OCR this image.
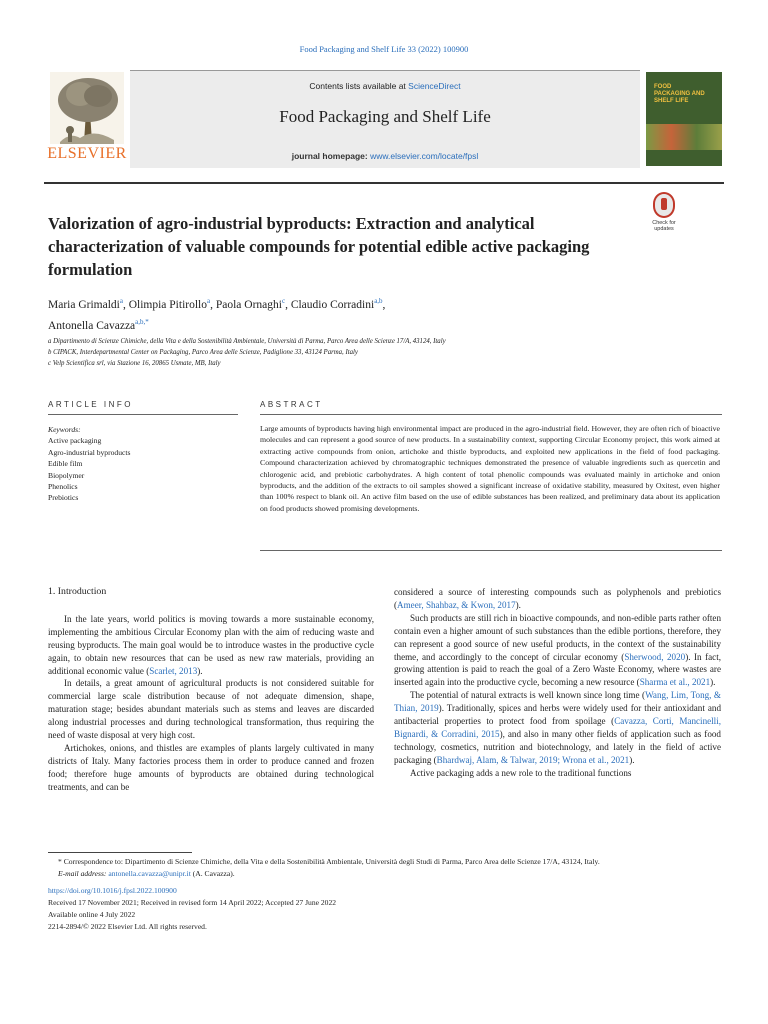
Food Packaging and Shelf Life 33 (2022) 100900
ELSEVIER
Contents lists available at ScienceDirect
Food Packaging and Shelf Life
journal homepage: www.elsevier.com/locate/fpsl
FOOD PACKAGING AND SHELF LIFE
Valorization of agro-industrial byproducts: Extraction and analytical characterization of valuable compounds for potential edible active packaging formulation
Check for updates
Maria Grimaldi$^a$, Olimpia Pitirollo$^a$, Paola Ornaghi$^c$, Claudio Corradini$^{a,b}$,
Antonella Cavazza$^{a,b,*}$
a Dipartimento di Scienze Chimiche, della Vita e della Sostenibilità Ambientale, Università di Parma, Parco Area delle Scienze 17/A, 43124, Italy
b CIPACK, Interdepartmental Center on Packaging, Parco Area delle Scienze, Padiglione 33, 43124 Parma, Italy
c Velp Scientifica srl, via Stazione 16, 20865 Usmate, MB, Italy
ARTICLE INFO	ABSTRACT
Keywords:
Active packaging
Agro-industrial byproducts
Edible film
Biopolymer
Phenolics
Prebiotics
Large amounts of byproducts having high environmental impact are produced in the agro-industrial field. However, they are often rich of bioactive molecules and can represent a good source of new products. In a sustainability context, supporting Circular Economy project, this work aimed at extracting active compounds from onion, artichoke and thistle byproducts, and exploited new applications in the field of food packaging. Compound characterization achieved by chromatographic techniques demonstrated the presence of valuable ingredients such as quercetin and chlorogenic acid, and prebiotic carbohydrates. A high content of total phenolic compounds was evaluated mainly in artichoke and onion byproducts, and the addition of the extracts to oil samples showed a significant increase of oxidative stability, measured by Oxitest, even higher than 100% respect to blank oil. An active film based on the use of edible substances has been realized, and preliminary data about its application on food products showed promising developments.
1. Introduction

In the late years, world politics is moving towards a more sustainable economy, implementing the ambitious Circular Economy plan with the aim of reducing waste and reusing byproducts. The main goal would be to introduce wastes in the productive cycle again, to obtain new resources that can be used as new raw materials, providing an additional economic value (Scarlet, 2013).

In details, a great amount of agricultural products is not considered suitable for commercial large scale distribution because of not adequate dimension, shape, maturation stage; besides abundant materials such as stems and leaves are discarded along industrial processes and during technological transformation, thus requiring the need of waste disposal at very high cost.

Artichokes, onions, and thistles are examples of plants largely cultivated in many districts of Italy. Many factories process them in order to produce canned and frozen food; therefore huge amounts of byproducts are obtained during technological treatments, and can be

considered a source of interesting compounds such as polyphenols and prebiotics (Ameer, Shahbaz, & Kwon, 2017).

Such products are still rich in bioactive compounds, and non-edible parts rather often contain even a higher amount of such substances than the edible portions, therefore, they can represent a good source of new useful products, in the context of the sustainability theme, and accordingly to the concept of circular economy (Sherwood, 2020). In fact, growing attention is paid to reach the goal of a Zero Waste Economy, where wastes are inserted again into the productive cycle, becoming a new resource (Sharma et al., 2021).

The potential of natural extracts is well known since long time (Wang, Lim, Tong, & Thian, 2019). Traditionally, spices and herbs were widely used for their antioxidant and antibacterial properties to protect food from spoilage (Cavazza, Corti, Mancinelli, Bignardi, & Corradini, 2015), and also in many other fields of application such as food technology, cosmetics, nutrition and biotechnology, and lately in the field of active packaging (Bhardwaj, Alam, & Talwar, 2019; Wrona et al., 2021).

Active packaging adds a new role to the traditional functions

* Correspondence to: Dipartimento di Scienze Chimiche, della Vita e della Sostenibilità Ambientale, Università degli Studi di Parma, Parco Area delle Scienze 17/A, 43124, Italy.

E-mail address: antonella.cavazza@unipr.it (A. Cavazza).

https://doi.org/10.1016/j.fpsl.2022.100900

Received 17 November 2021; Received in revised form 14 April 2022; Accepted 27 June 2022

Available online 4 July 2022

2214-2894/© 2022 Elsevier Ltd. All rights reserved.
